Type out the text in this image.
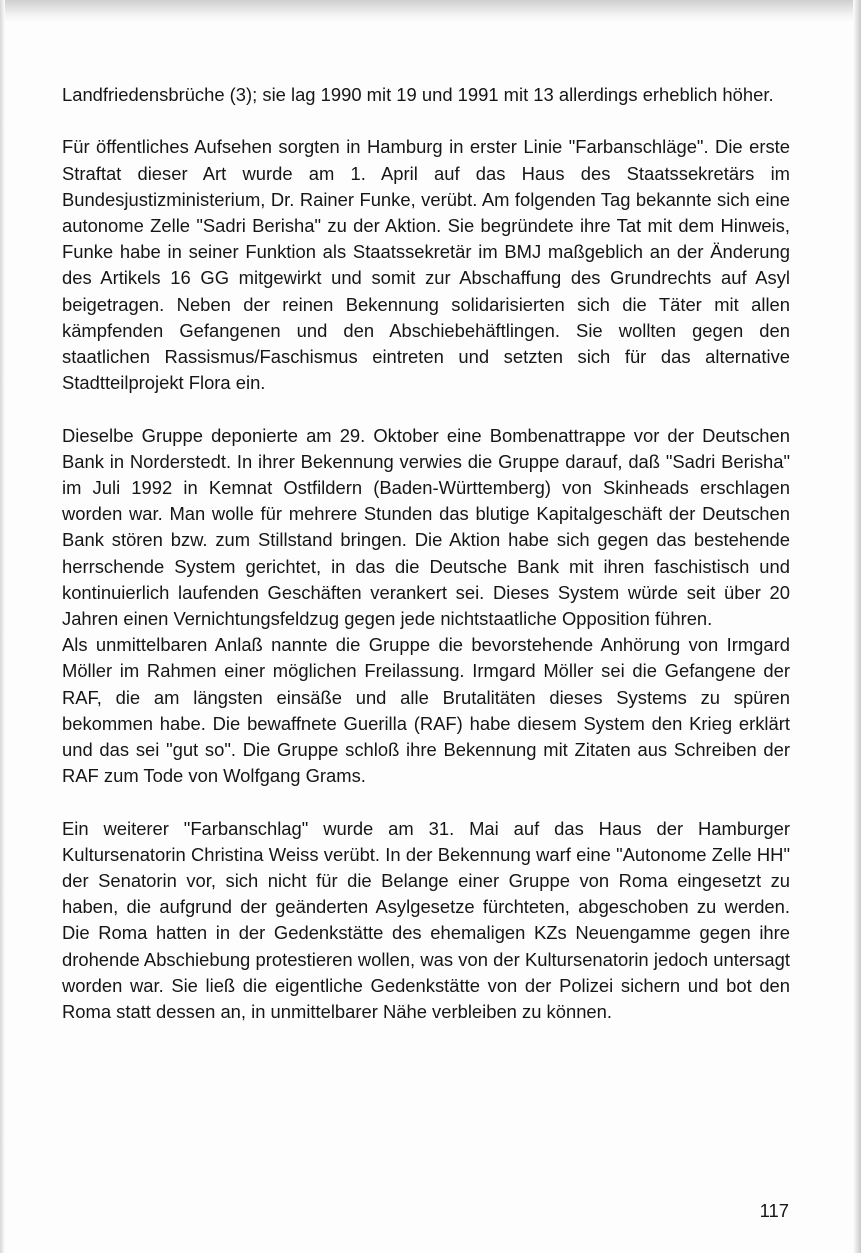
Landfriedensbrüche (3); sie lag 1990 mit 19 und 1991 mit 13 allerdings erheblich höher.

Für öffentliches Aufsehen sorgten in Hamburg in erster Linie "Farbanschläge". Die erste Straftat dieser Art wurde am 1. April auf das Haus des Staatssekretärs im Bundesjustizministerium, Dr. Rainer Funke, verübt. Am folgenden Tag bekannte sich eine autonome Zelle "Sadri Berisha" zu der Aktion. Sie begründete ihre Tat mit dem Hinweis, Funke habe in seiner Funktion als Staatssekretär im BMJ maßgeblich an der Änderung des Artikels 16 GG mitgewirkt und somit zur Abschaffung des Grundrechts auf Asyl beigetragen. Neben der reinen Bekennung solidarisierten sich die Täter mit allen kämpfenden Gefangenen und den Abschiebehäftlingen. Sie wollten gegen den staatlichen Rassismus/Faschismus eintreten und setzten sich für das alternative Stadtteilprojekt Flora ein.

Dieselbe Gruppe deponierte am 29. Oktober eine Bombenattrappe vor der Deutschen Bank in Norderstedt. In ihrer Bekennung verwies die Gruppe darauf, daß "Sadri Berisha" im Juli 1992 in Kemnat Ostfildern (Baden-Württemberg) von Skinheads erschlagen worden war. Man wolle für mehrere Stunden das blutige Kapitalgeschäft der Deutschen Bank stören bzw. zum Stillstand bringen. Die Aktion habe sich gegen das bestehende herrschende System gerichtet, in das die Deutsche Bank mit ihren faschistisch und kontinuierlich laufenden Geschäften verankert sei. Dieses System würde seit über 20 Jahren einen Vernichtungsfeldzug gegen jede nichtstaatliche Opposition führen.

Als unmittelbaren Anlaß nannte die Gruppe die bevorstehende Anhörung von Irmgard Möller im Rahmen einer möglichen Freilassung. Irmgard Möller sei die Gefangene der RAF, die am längsten einsäße und alle Brutalitäten dieses Systems zu spüren bekommen habe. Die bewaffnete Guerilla (RAF) habe diesem System den Krieg erklärt und das sei "gut so". Die Gruppe schloß ihre Bekennung mit Zitaten aus Schreiben der RAF zum Tode von Wolfgang Grams.

Ein weiterer "Farbanschlag" wurde am 31. Mai auf das Haus der Hamburger Kultursenatorin Christina Weiss verübt. In der Bekennung warf eine "Autonome Zelle HH" der Senatorin vor, sich nicht für die Belange einer Gruppe von Roma eingesetzt zu haben, die aufgrund der geänderten Asylgesetze fürchteten, abgeschoben zu werden. Die Roma hatten in der Gedenkstätte des ehemaligen KZs Neuengamme gegen ihre drohende Abschiebung protestieren wollen, was von der Kultursenatorin jedoch untersagt worden war. Sie ließ die eigentliche Gedenkstätte von der Polizei sichern und bot den Roma statt dessen an, in unmittelbarer Nähe verbleiben zu können.

117
